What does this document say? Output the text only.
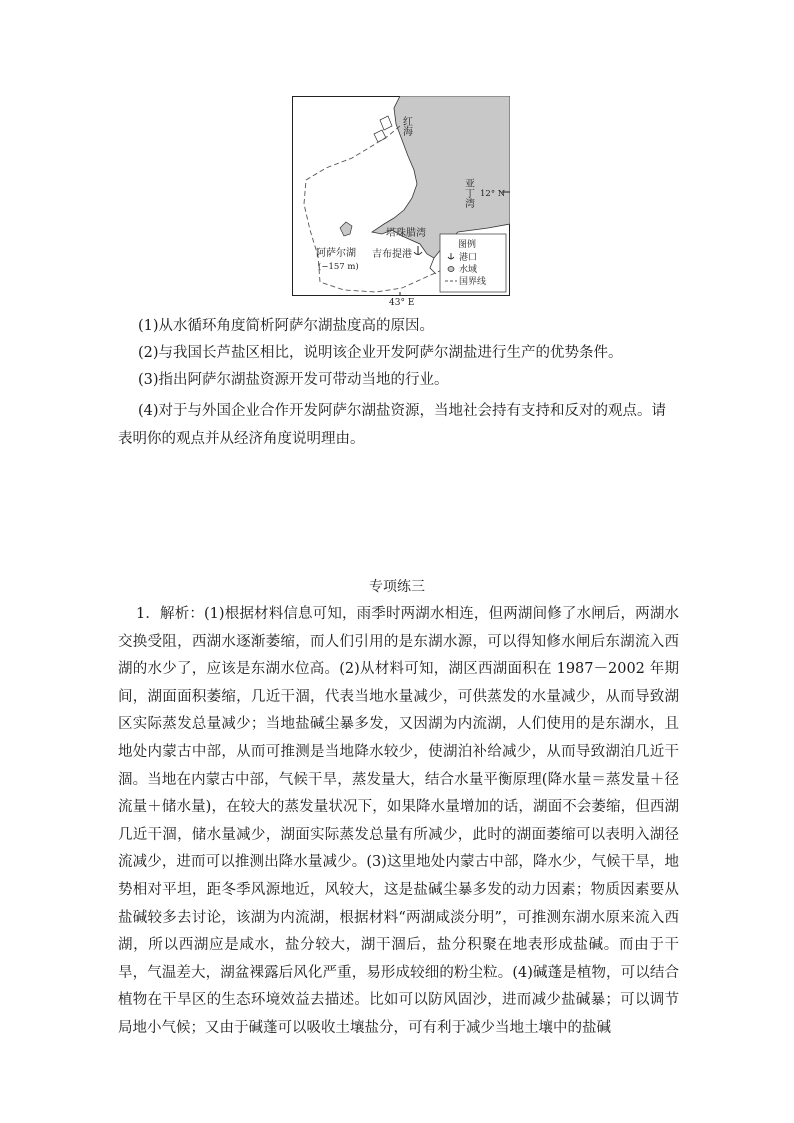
红海
亚丁湾 12° N
塔珠腊湾
阿萨尔湖
(−157 m)
吉布提港
图例
港口
水域
国界线
43° E
(1)从水循环角度简析阿萨尔湖盐度高的原因。
(2)与我国长芦盐区相比，说明该企业开发阿萨尔湖盐进行生产的优势条件。
(3)指出阿萨尔湖盐资源开发可带动当地的行业。
(4)对于与外国企业合作开发阿萨尔湖盐资源，当地社会持有支持和反对的观点。请表明你的观点并从经济角度说明理由。
专项练三
1．解析：(1)根据材料信息可知，雨季时两湖水相连，但两湖间修了水闸后，两湖水交换受阻，西湖水逐渐萎缩，而人们引用的是东湖水源，可以得知修水闸后东湖流入西湖的水少了，应该是东湖水位高。(2)从材料可知，湖区西湖面积在 1987－2002 年期间，湖面面积萎缩，几近干涸，代表当地水量减少，可供蒸发的水量减少，从而导致湖区实际蒸发总量减少；当地盐碱尘暴多发，又因湖为内流湖，人们使用的是东湖水，且地处内蒙古中部，从而可推测是当地降水较少，使湖泊补给减少，从而导致湖泊几近干涸。当地在内蒙古中部，气候干旱，蒸发量大，结合水量平衡原理(降水量＝蒸发量＋径流量＋储水量)，在较大的蒸发量状况下，如果降水量增加的话，湖面不会萎缩，但西湖几近干涸，储水量减少，湖面实际蒸发总量有所减少，此时的湖面萎缩可以表明入湖径流减少，进而可以推测出降水量减少。(3)这里地处内蒙古中部，降水少，气候干旱，地势相对平坦，距冬季风源地近，风较大，这是盐碱尘暴多发的动力因素；物质因素要从盐碱较多去讨论，该湖为内流湖，根据材料“两湖咸淡分明”，可推测东湖水原来流入西湖，所以西湖应是咸水，盐分较大，湖干涸后，盐分积聚在地表形成盐碱。而由于干旱，气温差大，湖盆裸露后风化严重，易形成较细的粉尘粒。(4)碱蓬是植物，可以结合植物在干旱区的生态环境效益去描述。比如可以防风固沙，进而减少盐碱暴；可以调节局地小气候；又由于碱蓬可以吸收土壤盐分，可有利于减少当地土壤中的盐碱
